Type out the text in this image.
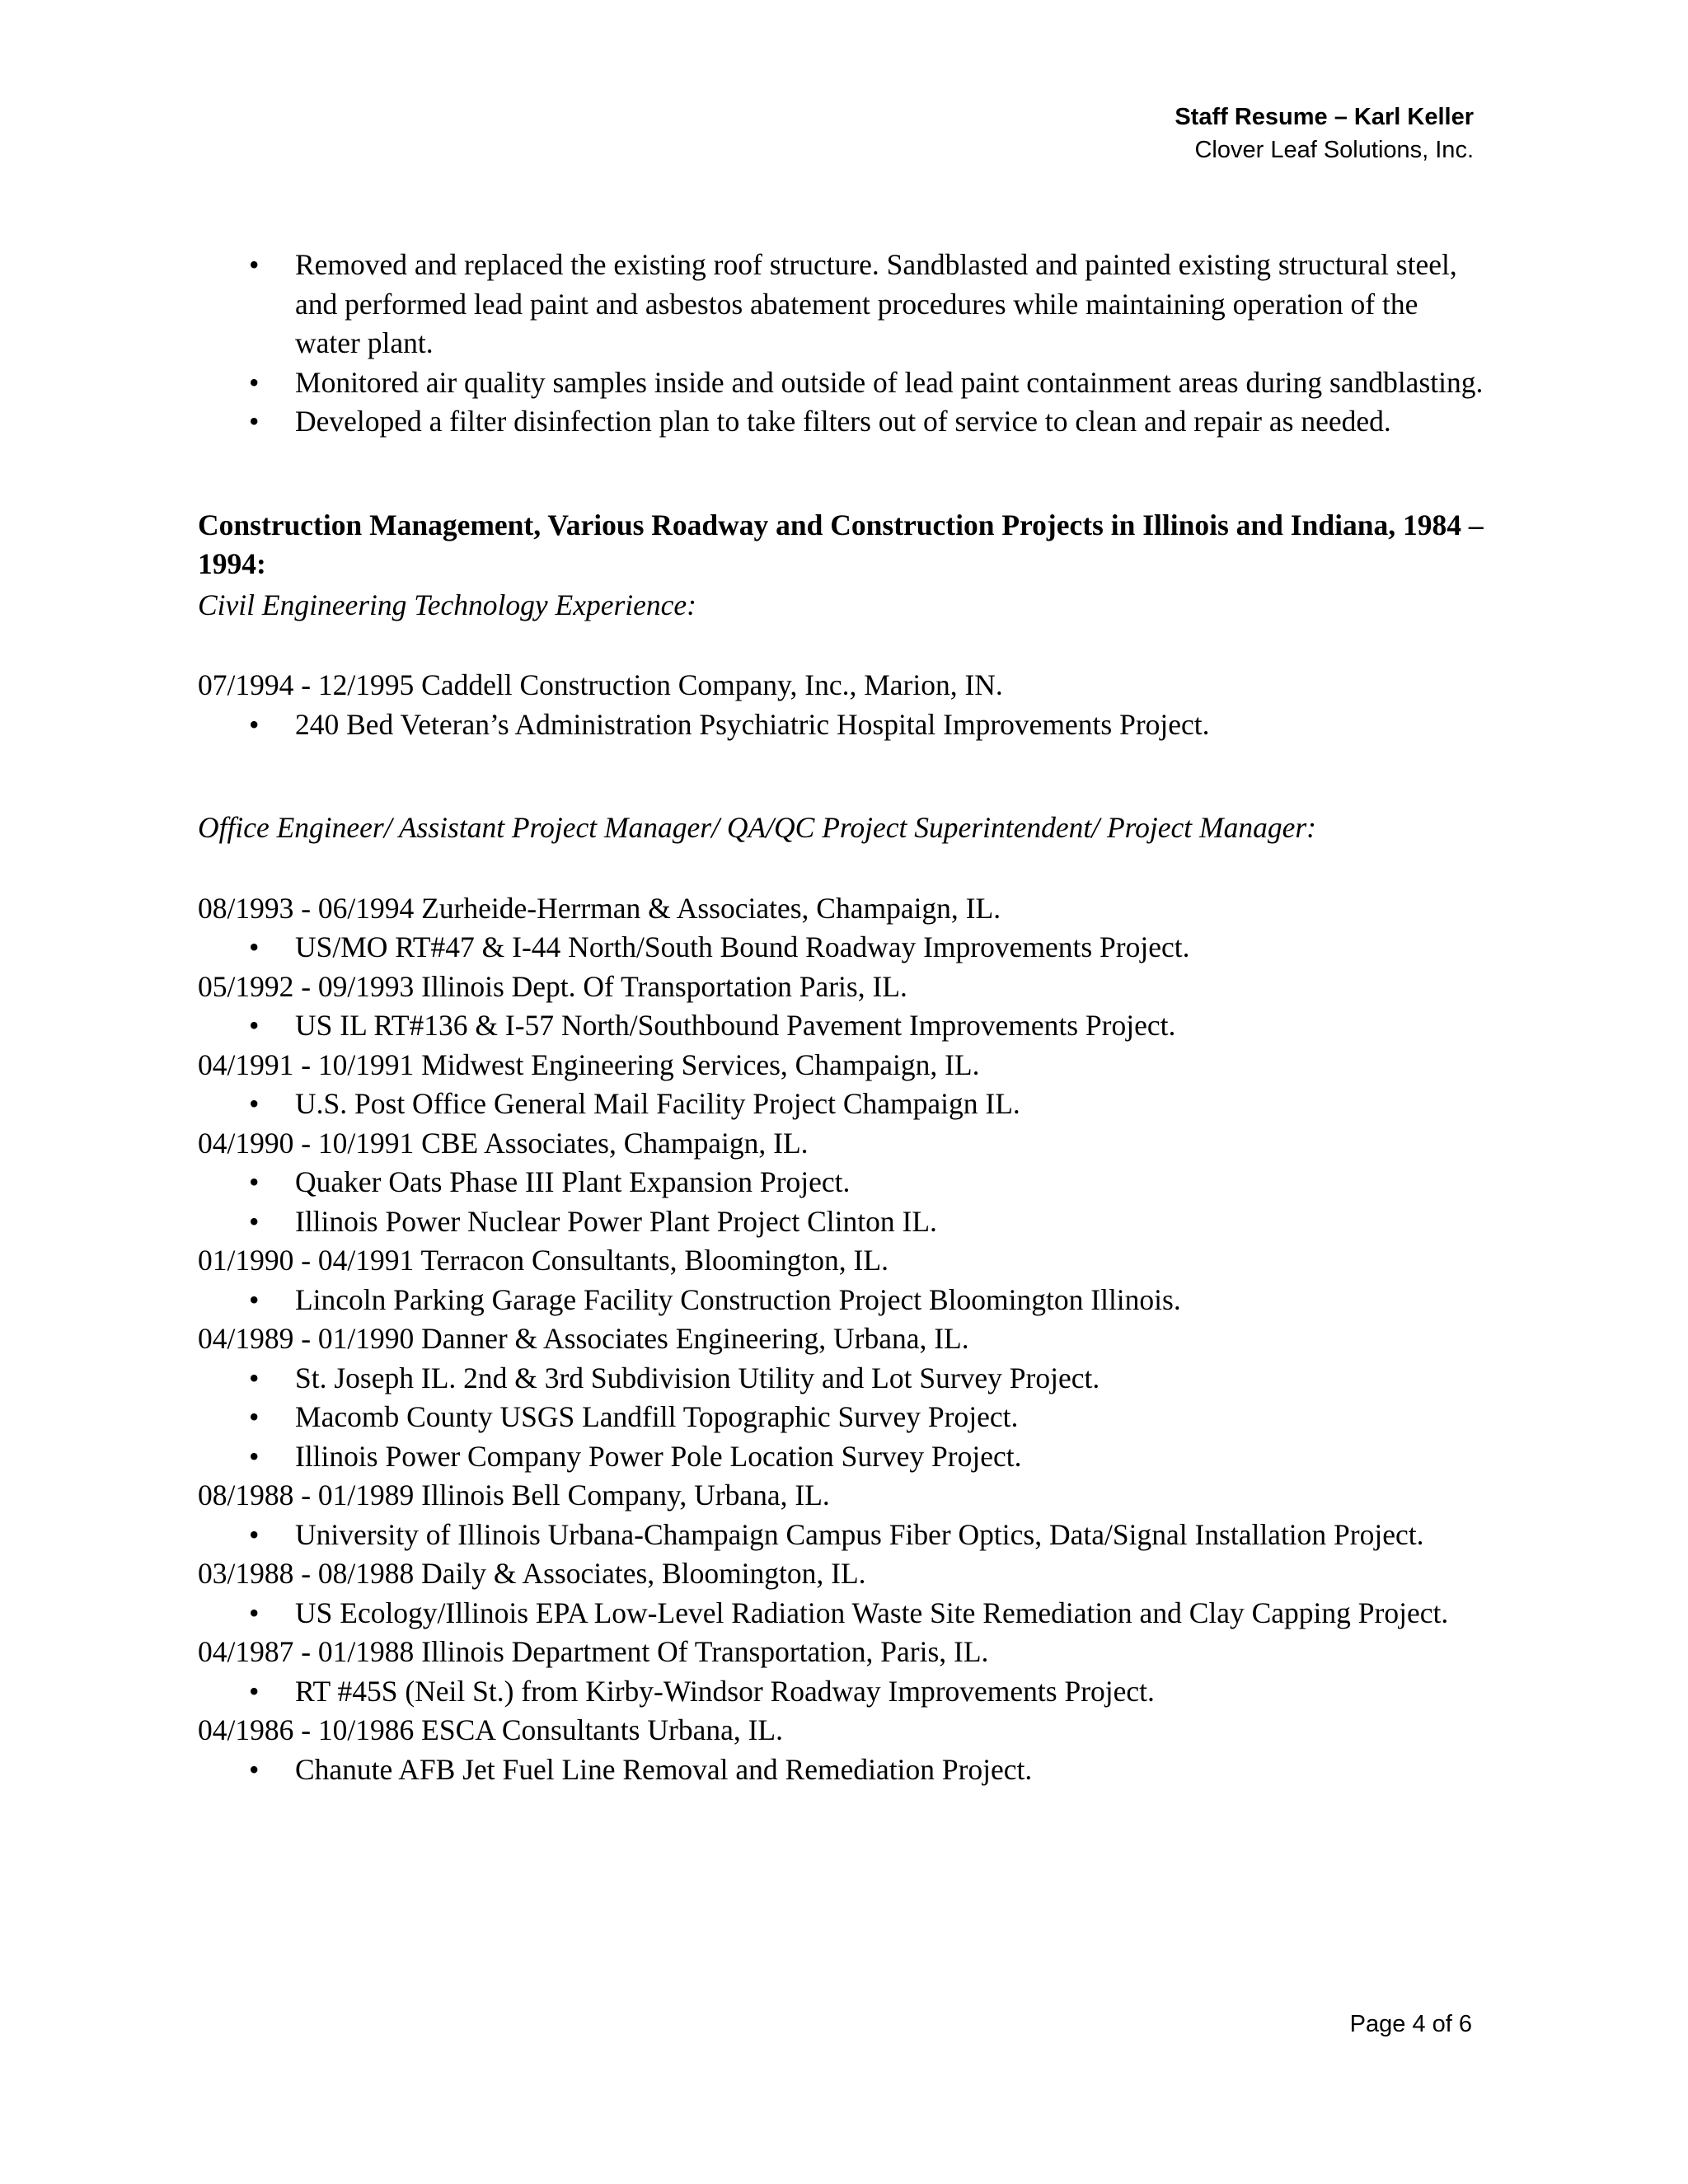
Staff Resume – Karl Keller
Clover Leaf Solutions, Inc.
• Removed and replaced the existing roof structure. Sandblasted and painted existing structural steel, and performed lead paint and asbestos abatement procedures while maintaining operation of the water plant.
• Monitored air quality samples inside and outside of lead paint containment areas during sandblasting.
• Developed a filter disinfection plan to take filters out of service to clean and repair as needed.
Construction Management, Various Roadway and Construction Projects in Illinois and Indiana, 1984 – 1994:
Civil Engineering Technology Experience:
07/1994 - 12/1995 Caddell Construction Company, Inc., Marion, IN.
• 240 Bed Veteran’s Administration Psychiatric Hospital Improvements Project.
Office Engineer/ Assistant Project Manager/ QA/QC Project Superintendent/ Project Manager:
08/1993 - 06/1994 Zurheide-Herrman & Associates, Champaign, IL.
• US/MO RT#47 & I-44 North/South Bound Roadway Improvements Project.
05/1992 - 09/1993 Illinois Dept. Of Transportation Paris, IL.
• US IL RT#136 & I-57 North/Southbound Pavement Improvements Project.
04/1991 - 10/1991 Midwest Engineering Services, Champaign, IL.
• U.S. Post Office General Mail Facility Project Champaign IL.
04/1990 - 10/1991 CBE Associates, Champaign, IL.
• Quaker Oats Phase III Plant Expansion Project.
• Illinois Power Nuclear Power Plant Project Clinton IL.
01/1990 - 04/1991 Terracon Consultants, Bloomington, IL.
• Lincoln Parking Garage Facility Construction Project Bloomington Illinois.
04/1989 - 01/1990 Danner & Associates Engineering, Urbana, IL.
• St. Joseph IL. 2nd & 3rd Subdivision Utility and Lot Survey Project.
• Macomb County USGS Landfill Topographic Survey Project.
• Illinois Power Company Power Pole Location Survey Project.
08/1988 - 01/1989 Illinois Bell Company, Urbana, IL.
• University of Illinois Urbana-Champaign Campus Fiber Optics, Data/Signal Installation Project.
03/1988 - 08/1988 Daily & Associates, Bloomington, IL.
• US Ecology/Illinois EPA Low-Level Radiation Waste Site Remediation and Clay Capping Project.
04/1987 - 01/1988 Illinois Department Of Transportation, Paris, IL.
• RT #45S (Neil St.) from Kirby-Windsor Roadway Improvements Project.
04/1986 - 10/1986 ESCA Consultants Urbana, IL.
• Chanute AFB Jet Fuel Line Removal and Remediation Project.
Page 4 of 6
